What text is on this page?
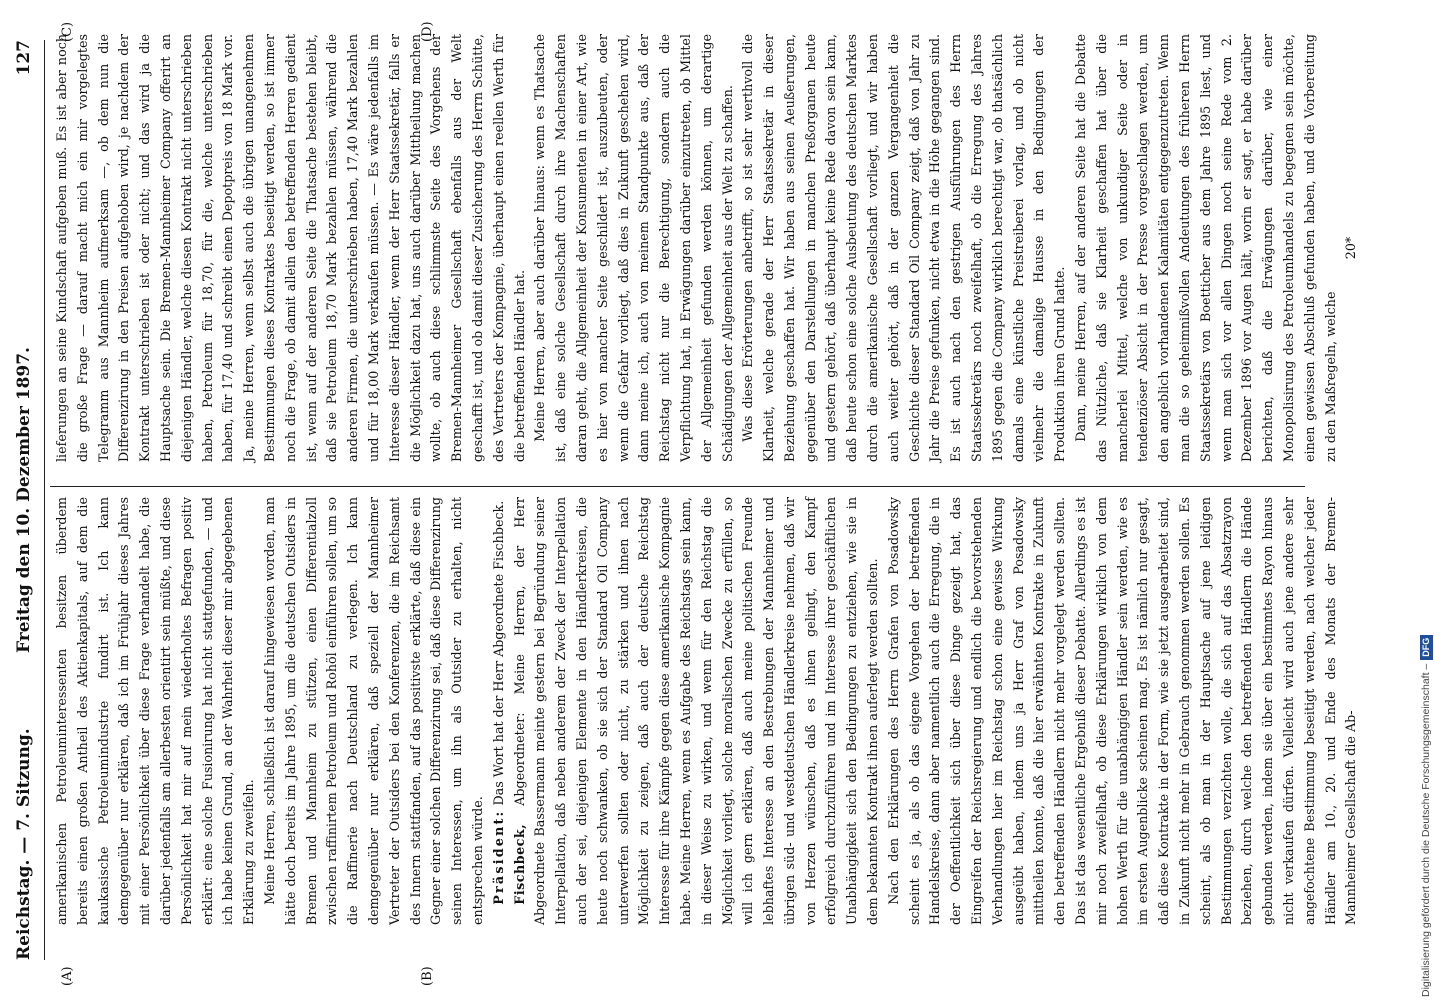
Reichstag. — 7. Sitzung.
Freitag den 10. Dezember 1897.
127
(A)	(B)
(C)	(D)

amerikanischen Petroleuminteressenten besitzen überdem bereits einen großen Antheil des Aktienkapitals, auf dem die kaukasische Petroleumindustrie fundirt ist. Ich kann demgegenüber nur erklären, daß ich im Frühjahr dieses Jahres mit einer Persönlichkeit über diese Frage verhandelt habe, die darüber jedenfalls am allerbesten orientirt sein müßte, und diese Persönlichkeit hat mir auf mein wiederholtes Befragen positiv erklärt: eine solche Fusionirung hat nicht stattgefunden, — und ich habe keinen Grund, an der Wahrheit dieser mir abgegebenen Erklärung zu zweifeln. Meine Herren, schließlich ist darauf hingewiesen worden, man hätte doch bereits im Jahre 1895, um die deutschen Outsiders in Bremen und Mannheim zu stützen, einen Differentialzoll zwischen raffinirtem Petroleum und Rohöl einführen sollen, um so die Raffinerie nach Deutschland zu verlegen. Ich kann demgegenüber nur erklären, daß speziell der Mannheimer Vertreter der Outsiders bei den Konferenzen, die im Reichsamt des Innern stattfanden, auf das positivste erklärte, daß diese ein Gegner einer solchen Differenzirung sei, daß diese Differenzirung seinen Interessen, um ihn als Outsider zu erhalten, nicht entsprechen würde. Präsident: Das Wort hat der Herr Abgeordnete Fischbeck.

Fischbeck, Abgeordneter: Meine Herren, der Herr Abgeordnete Bassermann meinte gestern bei Begründung seiner Interpellation, daß neben anderem der Zweck der Interpellation auch der sei, diejenigen Elemente in den Händlerkreisen, die heute noch schwanken, ob sie sich der Standard Oil Company unterwerfen sollten oder nicht, zu stärken und ihnen nach Möglichkeit zu zeigen, daß auch der deutsche Reichstag Interesse für ihre Kämpfe gegen diese amerikanische Kompagnie habe. Meine Herren, wenn es Aufgabe des Reichstags sein kann, in dieser Weise zu wirken, und wenn für den Reichstag die Möglichkeit vorliegt, solche moralischen Zwecke zu erfüllen, so will ich gern erklären, daß auch meine politischen Freunde lebhaftes Interesse an den Bestrebungen der Mannheimer und übrigen süd- und westdeutschen Händlerkreise nehmen, daß wir von Herzen wünschen, daß es ihnen gelingt, den Kampf erfolgreich durchzuführen und im Interesse ihrer geschäftlichen Unabhängigkeit sich den Bedingungen zu entziehen, wie sie in dem bekannten Kontrakt ihnen auferlegt werden sollten. Nach den Erklärungen des Herrn Grafen von Posadowsky scheint es ja, als ob das eigene Vorgehen der betreffenden Handelskreise, dann aber namentlich auch die Erregung, die in der Oeffentlichkeit sich über diese Dinge gezeigt hat, das Eingreifen der Reichsregierung und endlich die bevorstehenden Verhandlungen hier im Reichstag schon eine gewisse Wirkung ausgeübt haben, indem uns ja Herr Graf von Posadowsky mittheilen konnte, daß die hier erwähnten Kontrakte in Zukunft den betreffenden Händlern nicht mehr vorgelegt werden sollten. Das ist das wesentliche Ergebniß dieser Debatte. Allerdings es ist mir noch zweifelhaft, ob diese Erklärungen wirklich von dem hohen Werth für die unabhängigen Händler sein werden, wie es im ersten Augenblicke scheinen mag. Es ist nämlich nur gesagt, daß diese Kontrakte in der Form, wie sie jetzt ausgearbeitet sind, in Zukunft nicht mehr in Gebrauch genommen werden sollen. Es scheint, als ob man in der Hauptsache auf jene leidigen Bestimmungen verzichten wolle, die sich auf das Absatzrayon beziehen, durch welche den betreffenden Händlern die Hände gebunden werden, indem sie über ein bestimmtes Rayon hinaus nicht verkaufen dürfen. Vielleicht wird auch jene andere sehr angefochtene Bestimmung beseitigt werden, nach welcher jeder Händler am 10., 20. und Ende des Monats der Bremen-Mannheimer Gesellschaft die Ab-

lieferungen an seine Kundschaft aufgeben muß. Es ist aber noch die große Frage — darauf macht mich ein mir vorgelegtes Telegramm aus Mannheim aufmerksam —, ob dem nun die Differenzirung in den Preisen aufgehoben wird, je nachdem der Kontrakt unterschrieben ist oder nicht; und das wird ja die Hauptsache sein. Die Bremen-Mannheimer Company offerirt an diejenigen Händler, welche diesen Kontrakt nicht unterschrieben haben, Petroleum für 18,70, für die, welche unterschrieben haben, für 17,40 und schreibt einen Depotpreis von 18 Mark vor. Ja, meine Herren, wenn selbst auch die übrigen unangenehmen Bestimmungen dieses Kontraktes beseitigt werden, so ist immer noch die Frage, ob damit allein den betreffenden Herren gedient ist, wenn auf der anderen Seite die Thatsache bestehen bleibt, daß sie Petroleum 18,70 Mark bezahlen müssen, während die anderen Firmen, die unterschrieben haben, 17,40 Mark bezahlen und für 18,00 Mark verkaufen müssen. — Es wäre jedenfalls im Interesse dieser Händler, wenn der Herr Staatssekretär, falls er die Möglichkeit dazu hat, uns auch darüber Mittheilung machen wollte, ob auch diese schlimmste Seite des Vorgehens der Bremen-Mannheimer Gesellschaft ebenfalls aus der Welt geschafft ist, und ob damit dieser Zusicherung des Herrn Schütte, des Vertreters der Kompagnie, überhaupt einen reellen Werth für die betreffenden Händler hat. Meine Herren, aber auch darüber hinaus: wenn es Thatsache ist, daß eine solche Gesellschaft durch ihre Machenschaften daran geht, die Allgemeinheit der Konsumenten in einer Art, wie es hier von mancher Seite geschildert ist, auszubeuten, oder wenn die Gefahr vorliegt, daß dies in Zukunft geschehen wird, dann meine ich, auch von meinem Standpunkte aus, daß der Reichstag nicht nur die Berechtigung, sondern auch die Verpflichtung hat, in Erwägungen darüber einzutreten, ob Mittel der Allgemeinheit gefunden werden können, um derartige Schädigungen der Allgemeinheit aus der Welt zu schaffen. Was diese Erörterungen anbetrifft, so ist sehr werthvoll die Klarheit, welche gerade der Herr Staatssekretär in dieser Beziehung geschaffen hat. Wir haben aus seinen Aeußerungen, gegenüber den Darstellungen in manchen Preßorganen heute und gestern gehört, daß überhaupt keine Rede davon sein kann, daß heute schon eine solche Ausbeutung des deutschen Marktes durch die amerikanische Gesellschaft vorliegt, und wir haben auch weiter gehört, daß in der ganzen Vergangenheit die Geschichte dieser Standard Oil Company zeigt, daß von Jahr zu Jahr die Preise gefunken, nicht etwa in die Höhe gegangen sind. Es ist auch nach den gestrigen Ausführungen des Herrn Staatssekretärs noch zweifelhaft, ob die Erregung des Jahres 1895 gegen die Company wirklich berechtigt war, ob thatsächlich damals eine künstliche Preistreiberei vorlag, und ob nicht vielmehr die damalige Hausse in den Bedingungen der Produktion ihren Grund hatte. Dann, meine Herren, auf der anderen Seite hat die Debatte das Nützliche, daß sie Klarheit geschaffen hat über die mancherlei Mittel, welche von unkundiger Seite oder in tendenziöser Absicht in der Presse vorgeschlagen werden, um den angeblich vorhandenen Kalamitäten entgegenzutreten. Wenn man die so geheimnißvollen Andeutungen des früheren Herrn Staatssekretärs von Boetticher aus dem Jahre 1895 liest, und wenn man sich vor allen Dingen noch seine Rede vom 2. Dezember 1896 vor Augen hält, worin er sagt, er habe darüber berichten, daß die Erwägungen darüber, wie einer Monopolisirung des Petroleumhandels zu begegnen sein möchte, einen gewissen Abschluß gefunden haben, und die Vorbereitung zu den Maßregeln, welche

20*

Digitalisierung gefördert durch die Deutsche Forschungsgemeinschaft –DFG
